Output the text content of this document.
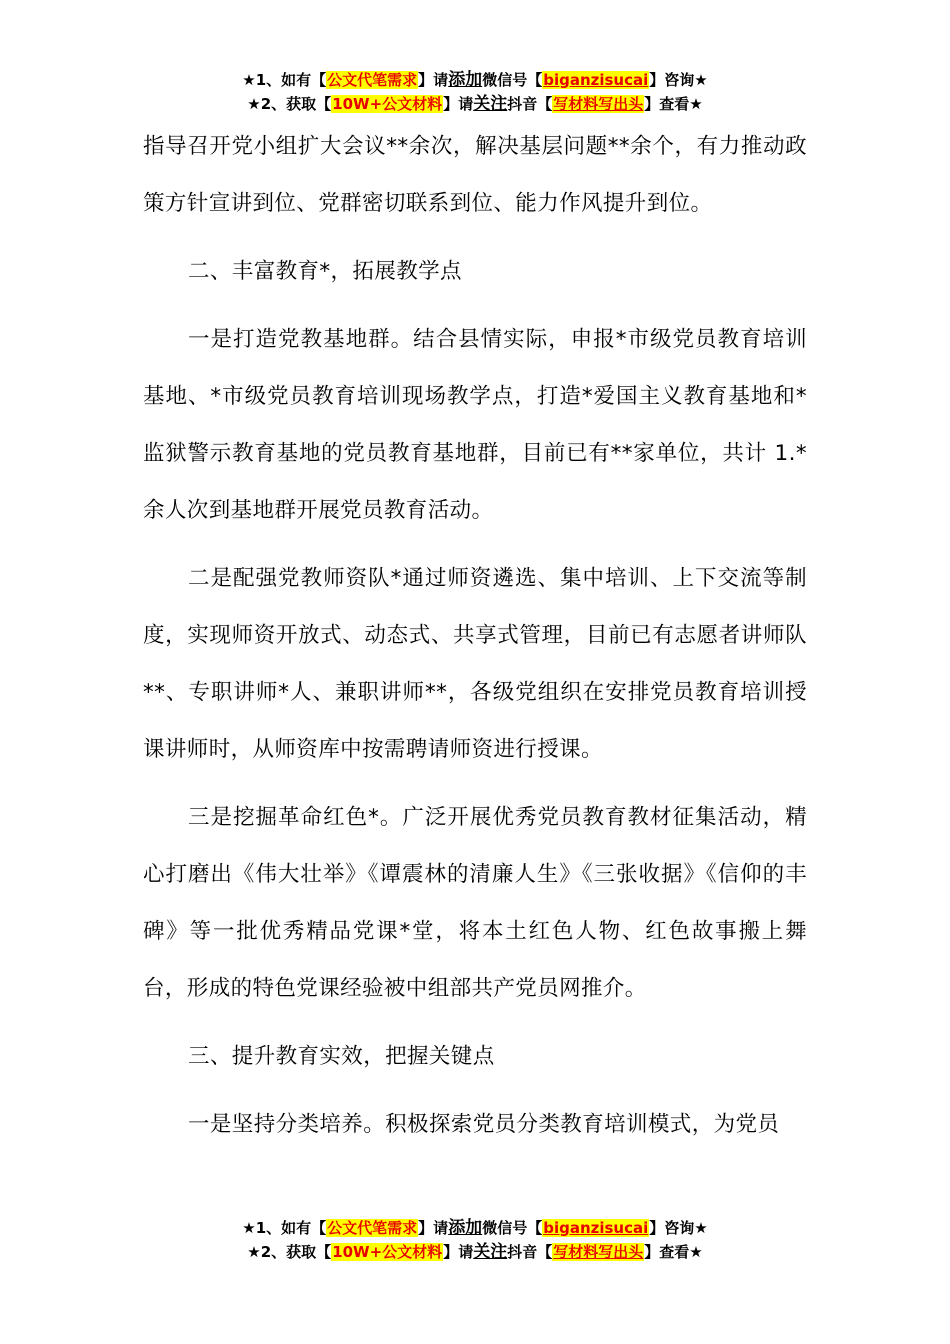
★1、如有【公文代笔需求】请添加微信号【biganzisucai】咨询★
★2、获取【10W+公文材料】请关注抖音【写材料写出头】查看★

指导召开党小组扩大会议**余次，解决基层问题**余个，有力推动政策方针宣讲到位、党群密切联系到位、能力作风提升到位。

二、丰富教育*，拓展教学点

一是打造党教基地群。结合县情实际，申报*市级党员教育培训基地、*市级党员教育培训现场教学点，打造*爱国主义教育基地和*监狱警示教育基地的党员教育基地群，目前已有**家单位，共计 1.*余人次到基地群开展党员教育活动。

二是配强党教师资队*通过师资遴选、集中培训、上下交流等制度，实现师资开放式、动态式、共享式管理，目前已有志愿者讲师队**、专职讲师*人、兼职讲师**，各级党组织在安排党员教育培训授课讲师时，从师资库中按需聘请师资进行授课。

三是挖掘革命红色*。广泛开展优秀党员教育教材征集活动，精心打磨出《伟大壮举》《谭震林的清廉人生》《三张收据》《信仰的丰碑》等一批优秀精品党课*堂，将本土红色人物、红色故事搬上舞台，形成的特色党课经验被中组部共产党员网推介。

三、提升教育实效，把握关键点

一是坚持分类培养。积极探索党员分类教育培训模式，为党员

★1、如有【公文代笔需求】请添加微信号【biganzisucai】咨询★
★2、获取【10W+公文材料】请关注抖音【写材料写出头】查看★
